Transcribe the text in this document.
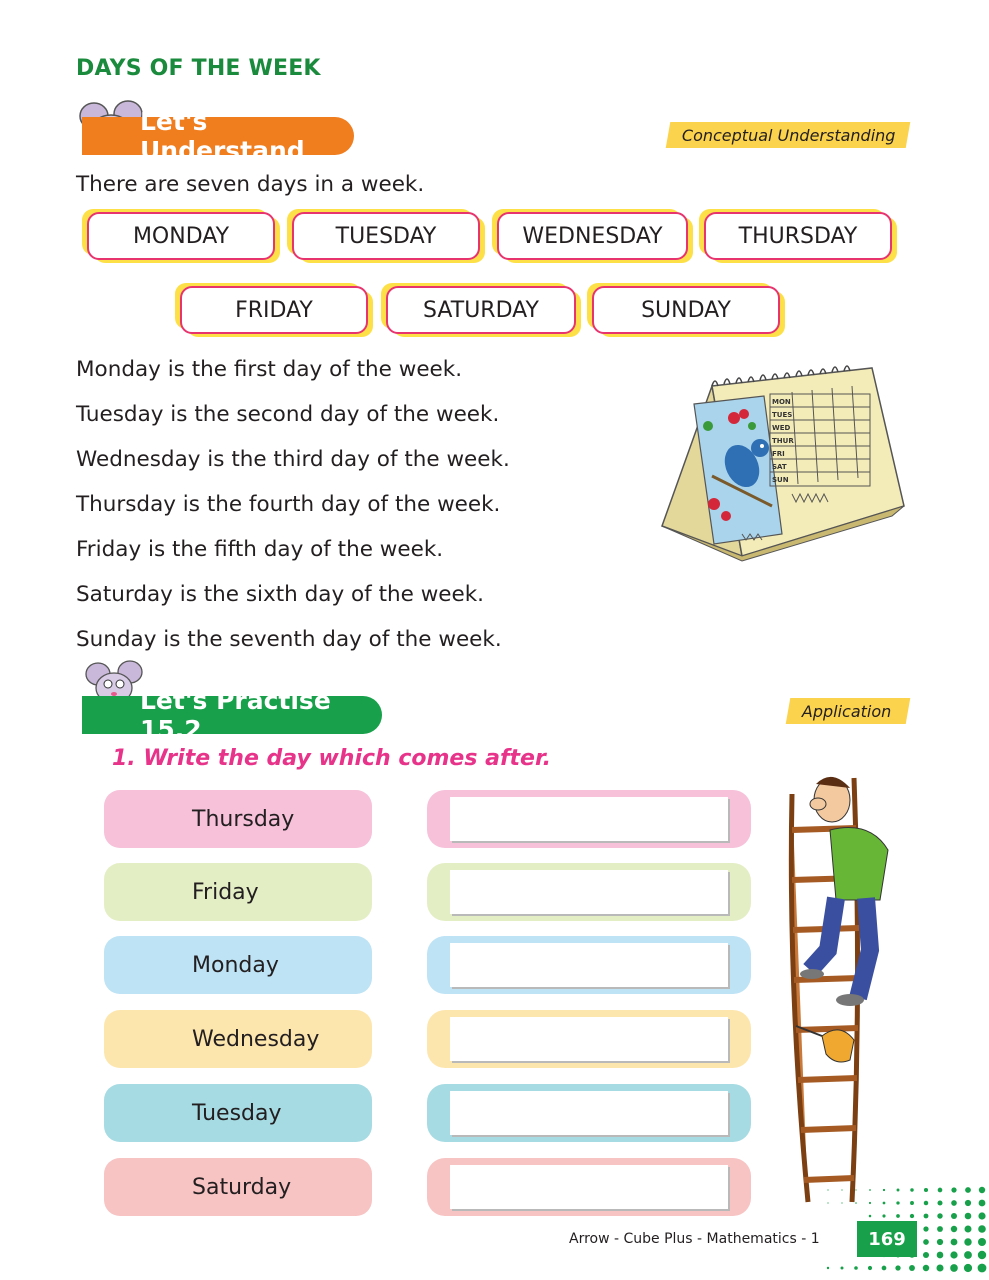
DAYS OF THE WEEK
Let's Understand
Conceptual Understanding
There are seven days in a week.
MONDAY	TUESDAY	WEDNESDAY	THURSDAY
FRIDAY	SATURDAY	SUNDAY
Monday is the first day of the week.
Tuesday is the second day of the week.
Wednesday is the third day of the week.
Thursday is the fourth day of the week.
Friday is the fifth day of the week.
Saturday is the sixth day of the week.
Sunday is the seventh day of the week.
MON
TUES
WED
THUR
FRI
SAT
SUN
Let's Practise 15.2
Application
1. Write the day which comes after.
Thursday
Friday
Monday
Wednesday
Tuesday
Saturday
Arrow - Cube Plus - Mathematics - 1	169
